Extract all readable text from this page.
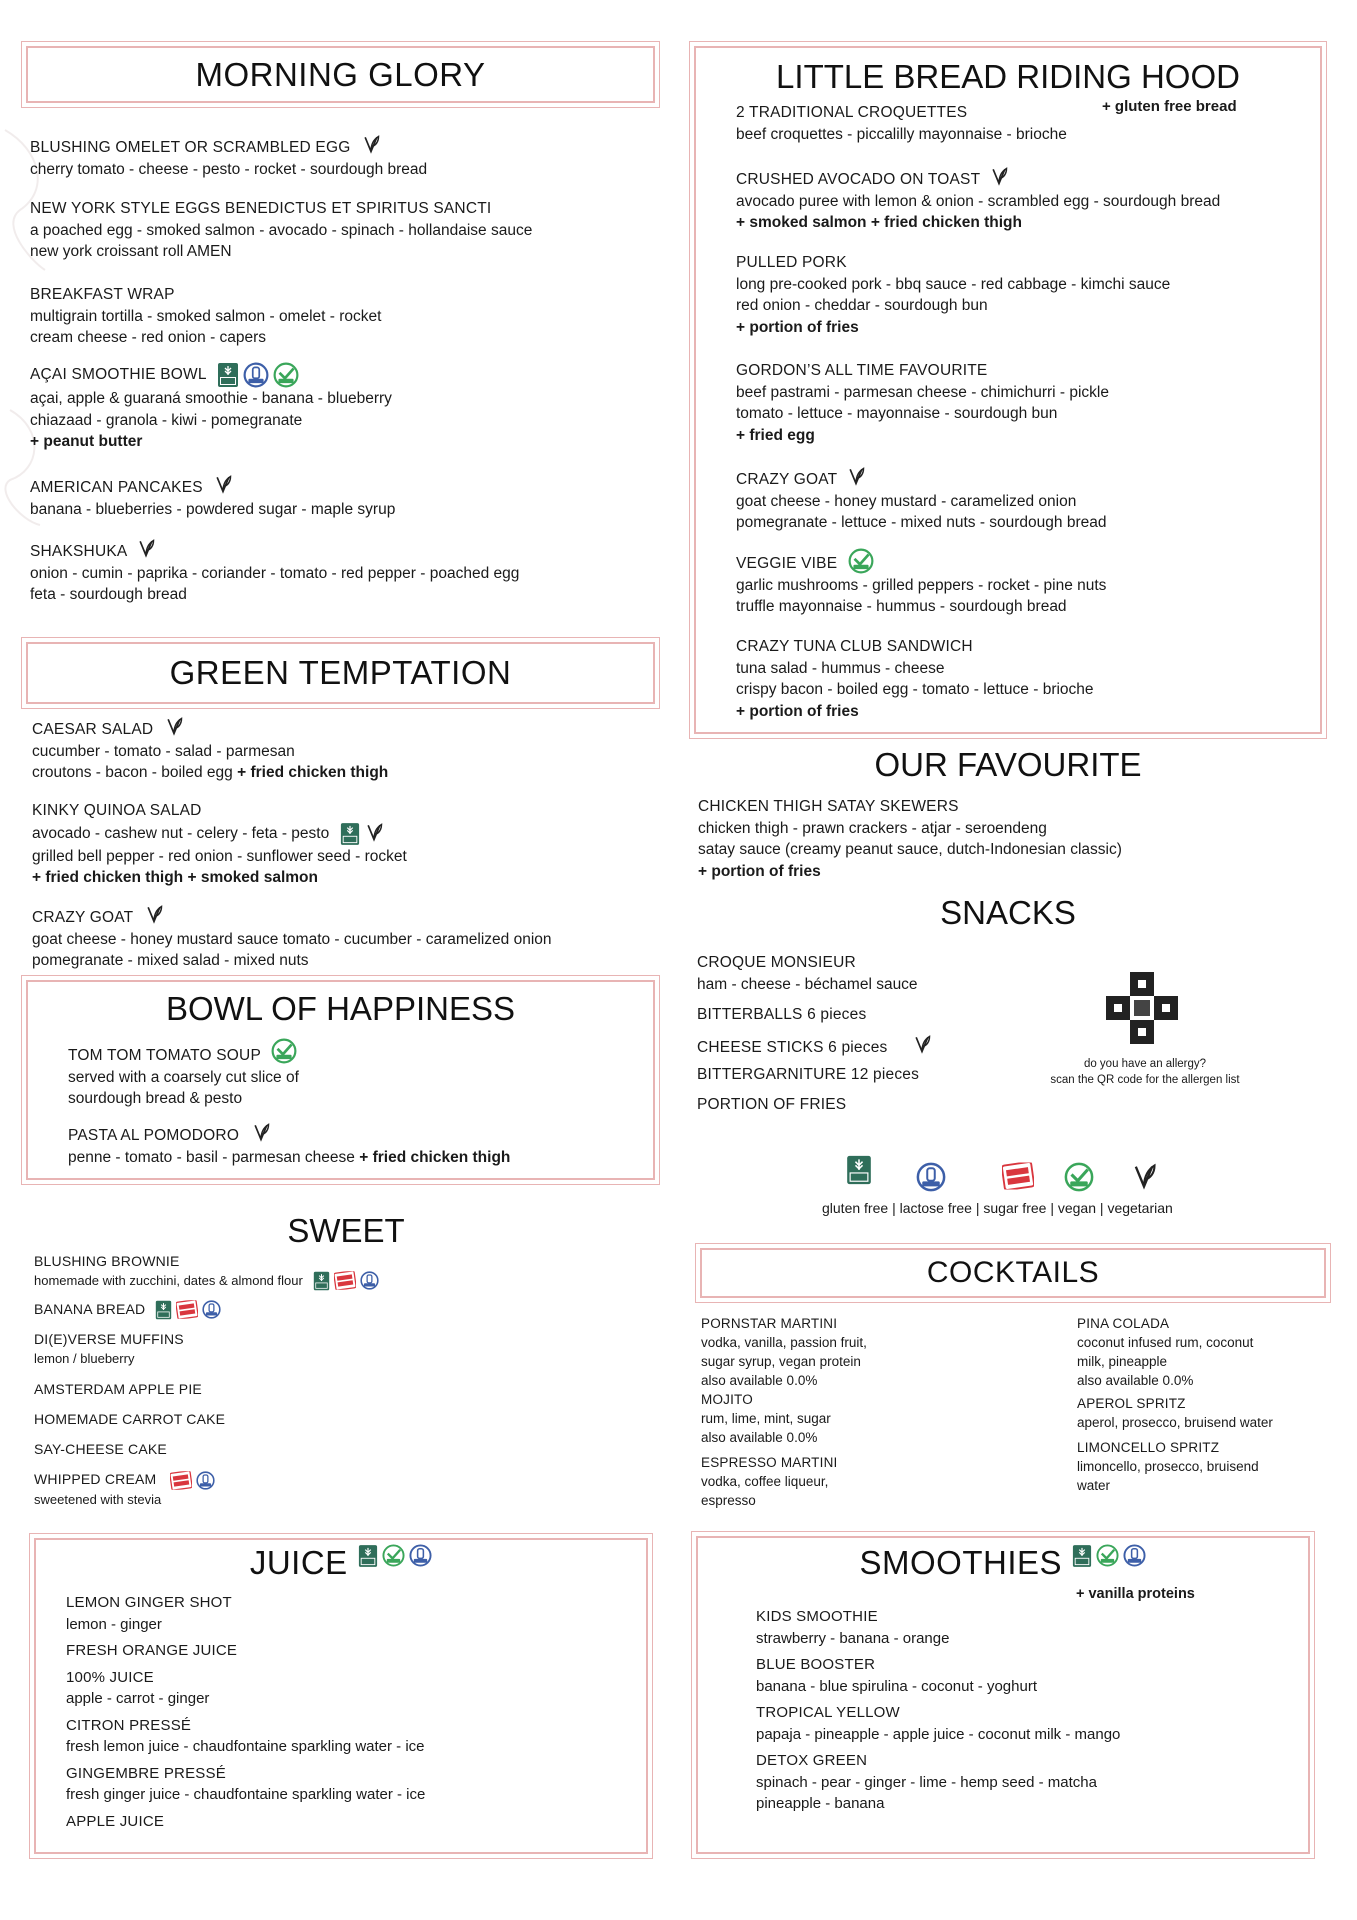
MORNING GLORY
BLUSHING OMELET OR SCRAMBLED EGG
cherry tomato - cheese - pesto - rocket - sourdough bread
NEW YORK STYLE EGGS BENEDICTUS ET SPIRITUS SANCTI
a poached egg - smoked salmon - avocado - spinach - hollandaise sauce
new york croissant roll AMEN
BREAKFAST WRAP
multigrain tortilla - smoked salmon - omelet - rocket
cream cheese - red onion - capers
AÇAI SMOOTHIE BOWL
açai, apple & guaraná smoothie - banana - blueberry
chiazaad - granola - kiwi - pomegranate
+ peanut butter
AMERICAN PANCAKES
banana - blueberries - powdered sugar - maple syrup
SHAKSHUKA
onion - cumin - paprika - coriander - tomato - red pepper - poached egg
feta - sourdough bread
LITTLE BREAD RIDING HOOD
+ gluten free bread
2 TRADITIONAL CROQUETTES
beef croquettes - piccalilly mayonnaise - brioche
CRUSHED AVOCADO ON TOAST
avocado puree with lemon & onion - scrambled egg - sourdough bread
+ smoked salmon + fried chicken thigh
PULLED PORK
long pre-cooked pork - bbq sauce - red cabbage - kimchi sauce
red onion - cheddar - sourdough bun
+ portion of fries
GORDON’S ALL TIME FAVOURITE
beef pastrami - parmesan cheese - chimichurri - pickle
tomato - lettuce - mayonnaise - sourdough bun
+ fried egg
CRAZY GOAT
goat cheese - honey mustard - caramelized onion
pomegranate - lettuce - mixed nuts - sourdough bread
VEGGIE VIBE
garlic mushrooms - grilled peppers - rocket - pine nuts
truffle mayonnaise - hummus - sourdough bread
CRAZY TUNA CLUB SANDWICH
tuna salad - hummus - cheese
crispy bacon - boiled egg - tomato - lettuce - brioche
+ portion of fries
GREEN TEMPTATION
CAESAR SALAD
cucumber - tomato - salad - parmesan
croutons - bacon - boiled egg + fried chicken thigh
KINKY QUINOA SALAD
avocado - cashew nut - celery - feta - pesto
grilled bell pepper - red onion - sunflower seed - rocket
+ fried chicken thigh + smoked salmon
CRAZY GOAT
goat cheese - honey mustard sauce tomato - cucumber - caramelized onion
pomegranate - mixed salad - mixed nuts
OUR FAVOURITE
CHICKEN THIGH SATAY SKEWERS
chicken thigh - prawn crackers - atjar - seroendeng
satay sauce (creamy peanut sauce, dutch-Indonesian classic)
+ portion of fries
BOWL OF HAPPINESS
TOM TOM TOMATO SOUP
served with a coarsely cut slice of
sourdough bread & pesto
PASTA AL POMODORO
penne - tomato - basil - parmesan cheese + fried chicken thigh
SNACKS
CROQUE MONSIEUR
ham - cheese - béchamel sauce
BITTERBALLS 6 pieces
CHEESE STICKS 6 pieces
BITTERGARNITURE 12 pieces
PORTION OF FRIES
do you have an allergy?
scan the QR code for the allergen list
gluten free | lactose free | sugar free | vegan | vegetarian
SWEET
BLUSHING BROWNIE
homemade with zucchini, dates & almond flour
BANANA BREAD
DI(E)VERSE MUFFINS
lemon / blueberry
AMSTERDAM APPLE PIE
HOMEMADE CARROT CAKE
SAY-CHEESE CAKE
WHIPPED CREAM
sweetened with stevia
COCKTAILS
PORNSTAR MARTINI
vodka, vanilla, passion fruit,
sugar syrup, vegan protein
also available 0.0%
MOJITO
rum, lime, mint, sugar
also available 0.0%
ESPRESSO MARTINI
vodka, coffee liqueur,
espresso
PINA COLADA
coconut infused rum, coconut
milk, pineapple
also available 0.0%
APEROL SPRITZ
aperol, prosecco, bruisend water
LIMONCELLO SPRITZ
limoncello, prosecco, bruisend
water
JUICE
LEMON GINGER SHOT
lemon - ginger
FRESH ORANGE JUICE
100% JUICE
apple - carrot - ginger
CITRON PRESSÉ
fresh lemon juice - chaudfontaine sparkling water - ice
GINGEMBRE PRESSÉ
fresh ginger juice - chaudfontaine sparkling water - ice
APPLE JUICE
SMOOTHIES
+ vanilla proteins
KIDS SMOOTHIE
strawberry - banana - orange
BLUE BOOSTER
banana - blue spirulina - coconut - yoghurt
TROPICAL YELLOW
papaja - pineapple - apple juice - coconut milk - mango
DETOX GREEN
spinach - pear - ginger - lime - hemp seed - matcha
pineapple - banana
